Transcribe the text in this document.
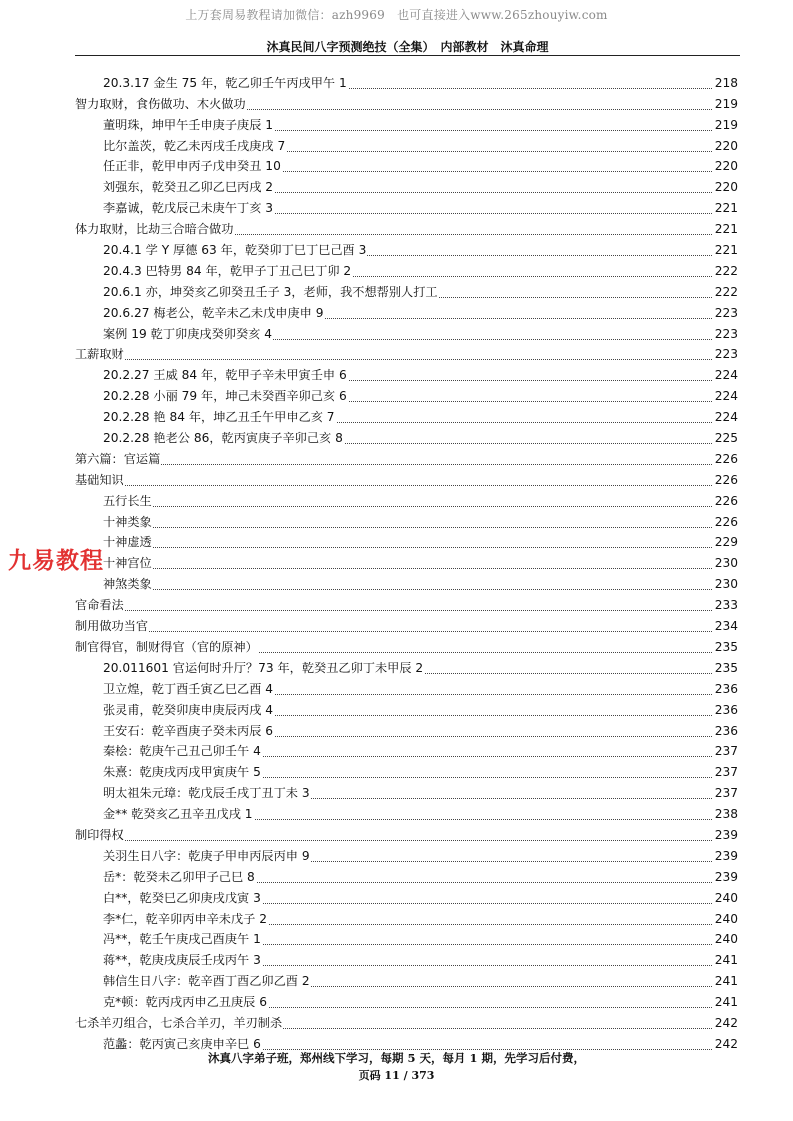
上万套周易教程请加微信：azh9969　也可直接进入www.265zhouyiw.com
沐真民间八字预测绝技（全集）　内部教材　沐真命理
20.3.17 金生 75 年，乾乙卯壬午丙戌甲午 1	218
智力取财，食伤做功、木火做功	219
董明珠，坤甲午壬申庚子庚辰 1	219
比尔盖茨，乾乙未丙戌壬戌庚戌 7	220
任正非，乾甲申丙子戊申癸丑 10	220
刘强东，乾癸丑乙卯乙巳丙戌 2	220
李嘉诚，乾戊辰己未庚午丁亥 3	221
体力取财，比劫三合暗合做功	221
20.4.1 学 Y 厚德 63 年，乾癸卯丁巳丁巳己酉 3	221
20.4.3 巴特男 84 年，乾甲子丁丑己巳丁卯 2	222
20.6.1 亦，坤癸亥乙卯癸丑壬子 3，老师，我不想帮别人打工	222
20.6.27 梅老公，乾辛未乙未戊申庚申 9	223
案例 19 乾丁卯庚戌癸卯癸亥 4	223
工薪取财	223
20.2.27 王威 84 年，乾甲子辛未甲寅壬申 6	224
20.2.28 小丽 79 年，坤己未癸酉辛卯己亥 6	224
20.2.28 艳 84 年，坤乙丑壬午甲申乙亥 7	224
20.2.28 艳老公 86，乾丙寅庚子辛卯己亥 8	225
第六篇：官运篇	226
基础知识	226
五行长生	226
十神类象	226
十神虚透	229
十神宫位	230
神煞类象	230
官命看法	233
制用做功当官	234
制官得官，制财得官（官的原神）	235
20.011601 官运何时升厅？73 年，乾癸丑乙卯丁未甲辰 2	235
卫立煌，乾丁酉壬寅乙巳乙酉 4	236
张灵甫，乾癸卯庚申庚辰丙戌 4	236
王安石：乾辛酉庚子癸未丙辰 6	236
秦桧：乾庚午己丑己卯壬午 4	237
朱熹：乾庚戌丙戌甲寅庚午 5	237
明太祖朱元璋：乾戊辰壬戌丁丑丁未 3	237
金** 乾癸亥乙丑辛丑戊戌 1	238
制印得权	239
关羽生日八字：乾庚子甲申丙辰丙申 9	239
岳*：乾癸未乙卯甲子己巳 8	239
白**，乾癸巳乙卯庚戌戊寅 3	240
李*仁，乾辛卯丙申辛未戊子 2	240
冯**，乾壬午庚戌己酉庚午 1	240
蒋**，乾庚戌庚辰壬戌丙午 3	241
韩信生日八字：乾辛酉丁酉乙卯乙酉 2	241
克*顿：乾丙戌丙申乙丑庚辰 6	241
七杀羊刃组合，七杀合羊刃，羊刃制杀	242
范蠡：乾丙寅己亥庚申辛巳 6	242
九易教程
沐真八字弟子班，郑州线下学习，每期 5 天，每月 1 期，先学习后付费，
页码 11 / 373
